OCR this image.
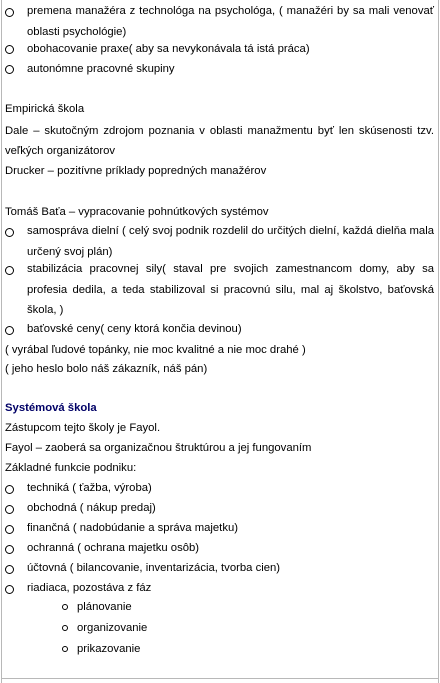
premena manažéra z technológa na psychológa, ( manažéri by sa mali venovať oblasti psychológie)
obohacovanie praxe( aby sa nevykonávala tá istá práca)
autonómne pracovné skupiny
Empirická škola
Dale – skutočným zdrojom poznania v oblasti manažmentu byť len skúsenosti tzv. veľkých organizátorov
Drucker – pozitívne príklady popredných manažérov
Tomáš Baťa – vypracovanie pohnútkových systémov
samospráva dielní ( celý svoj podnik rozdelil do určitých dielní, každá dielňa mala určený svoj plán)
stabilizácia pracovnej sily( staval pre svojich zamestnancom domy, aby sa profesia dedila, a teda stabilizoval si pracovnú silu, mal aj školstvo, baťovská škola, )
baťovské ceny( ceny ktorá končia devinou)
( vyrábal ľudové topánky, nie moc kvalitné a nie moc drahé )
( jeho heslo bolo náš zákazník, náš pán)
Systémová škola
Zástupcom tejto školy je Fayol.
Fayol – zaoberá sa organizačnou štruktúrou a jej fungovaním
Základné funkcie podniku:
techniká ( ťažba, výroba)
obchodná ( nákup predaj)
finančná ( nadobúdanie a správa majetku)
ochranná ( ochrana majetku osôb)
účtovná ( bilancovanie, inventarizácia, tvorba cien)
riadiaca, pozostáva z fáz
plánovanie
organizovanie
prikazovanie
